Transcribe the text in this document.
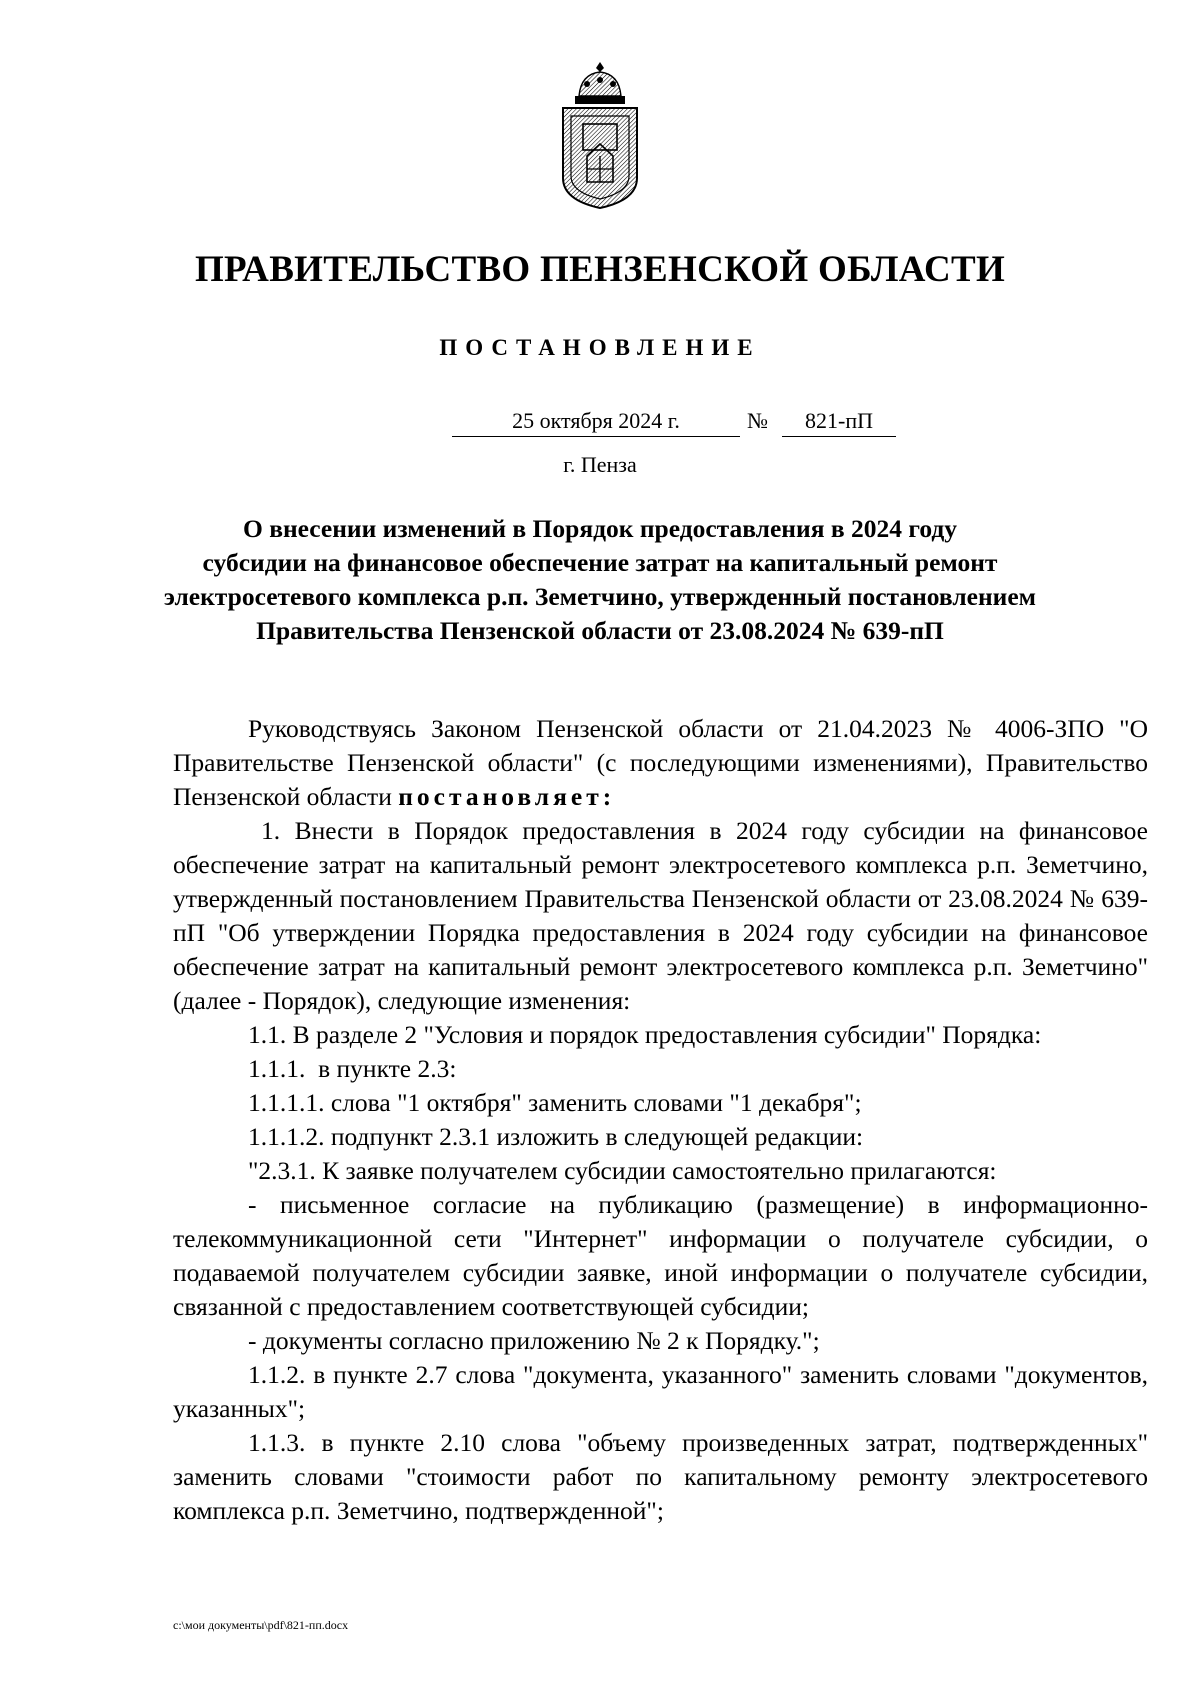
ПРАВИТЕЛЬСТВО ПЕНЗЕНСКОЙ ОБЛАСТИ
ПОСТАНОВЛЕНИЕ
25 октября 2024 г.	№	821-пП
г. Пенза
О внесении изменений в Порядок предоставления в 2024 году
субсидии на финансовое обеспечение затрат на капитальный ремонт
электросетевого комплекса р.п. Земетчино, утвержденный постановлением
Правительства Пензенской области от 23.08.2024 № 639-пП

Руководствуясь Законом Пензенской области от 21.04.2023 № 4006-ЗПО "О Правительстве Пензенской области" (с последующими изменениями), Правительство Пензенской области постановляет:

1. Внести в Порядок предоставления в 2024 году субсидии на финансовое обеспечение затрат на капитальный ремонт электросетевого комплекса р.п. Земетчино, утвержденный постановлением Правительства Пензенской области от 23.08.2024 № 639-пП "Об утверждении Порядка предоставления в 2024 году субсидии на финансовое обеспечение затрат на капитальный ремонт электросетевого комплекса р.п. Земетчино" (далее - Порядок), следующие изменения:

1.1. В разделе 2 "Условия и порядок предоставления субсидии" Порядка:

1.1.1.  в пункте 2.3:

1.1.1.1. слова "1 октября" заменить словами "1 декабря";

1.1.1.2. подпункт 2.3.1 изложить в следующей редакции:

"2.3.1. К заявке получателем субсидии самостоятельно прилагаются:

- письменное согласие на публикацию (размещение) в информационно-телекоммуникационной сети "Интернет" информации о получателе субсидии, о подаваемой получателем субсидии заявке, иной информации о получателе субсидии, связанной с предоставлением соответствующей субсидии;

- документы согласно приложению № 2 к Порядку.";

1.1.2. в пункте 2.7 слова "документа, указанного" заменить словами "документов, указанных";

1.1.3. в пункте 2.10 слова "объему произведенных затрат, подтвержденных" заменить словами "стоимости работ по капитальному ремонту электросетевого комплекса р.п. Земетчино, подтвержденной";

c:\мои документы\pdf\821-пп.docx
